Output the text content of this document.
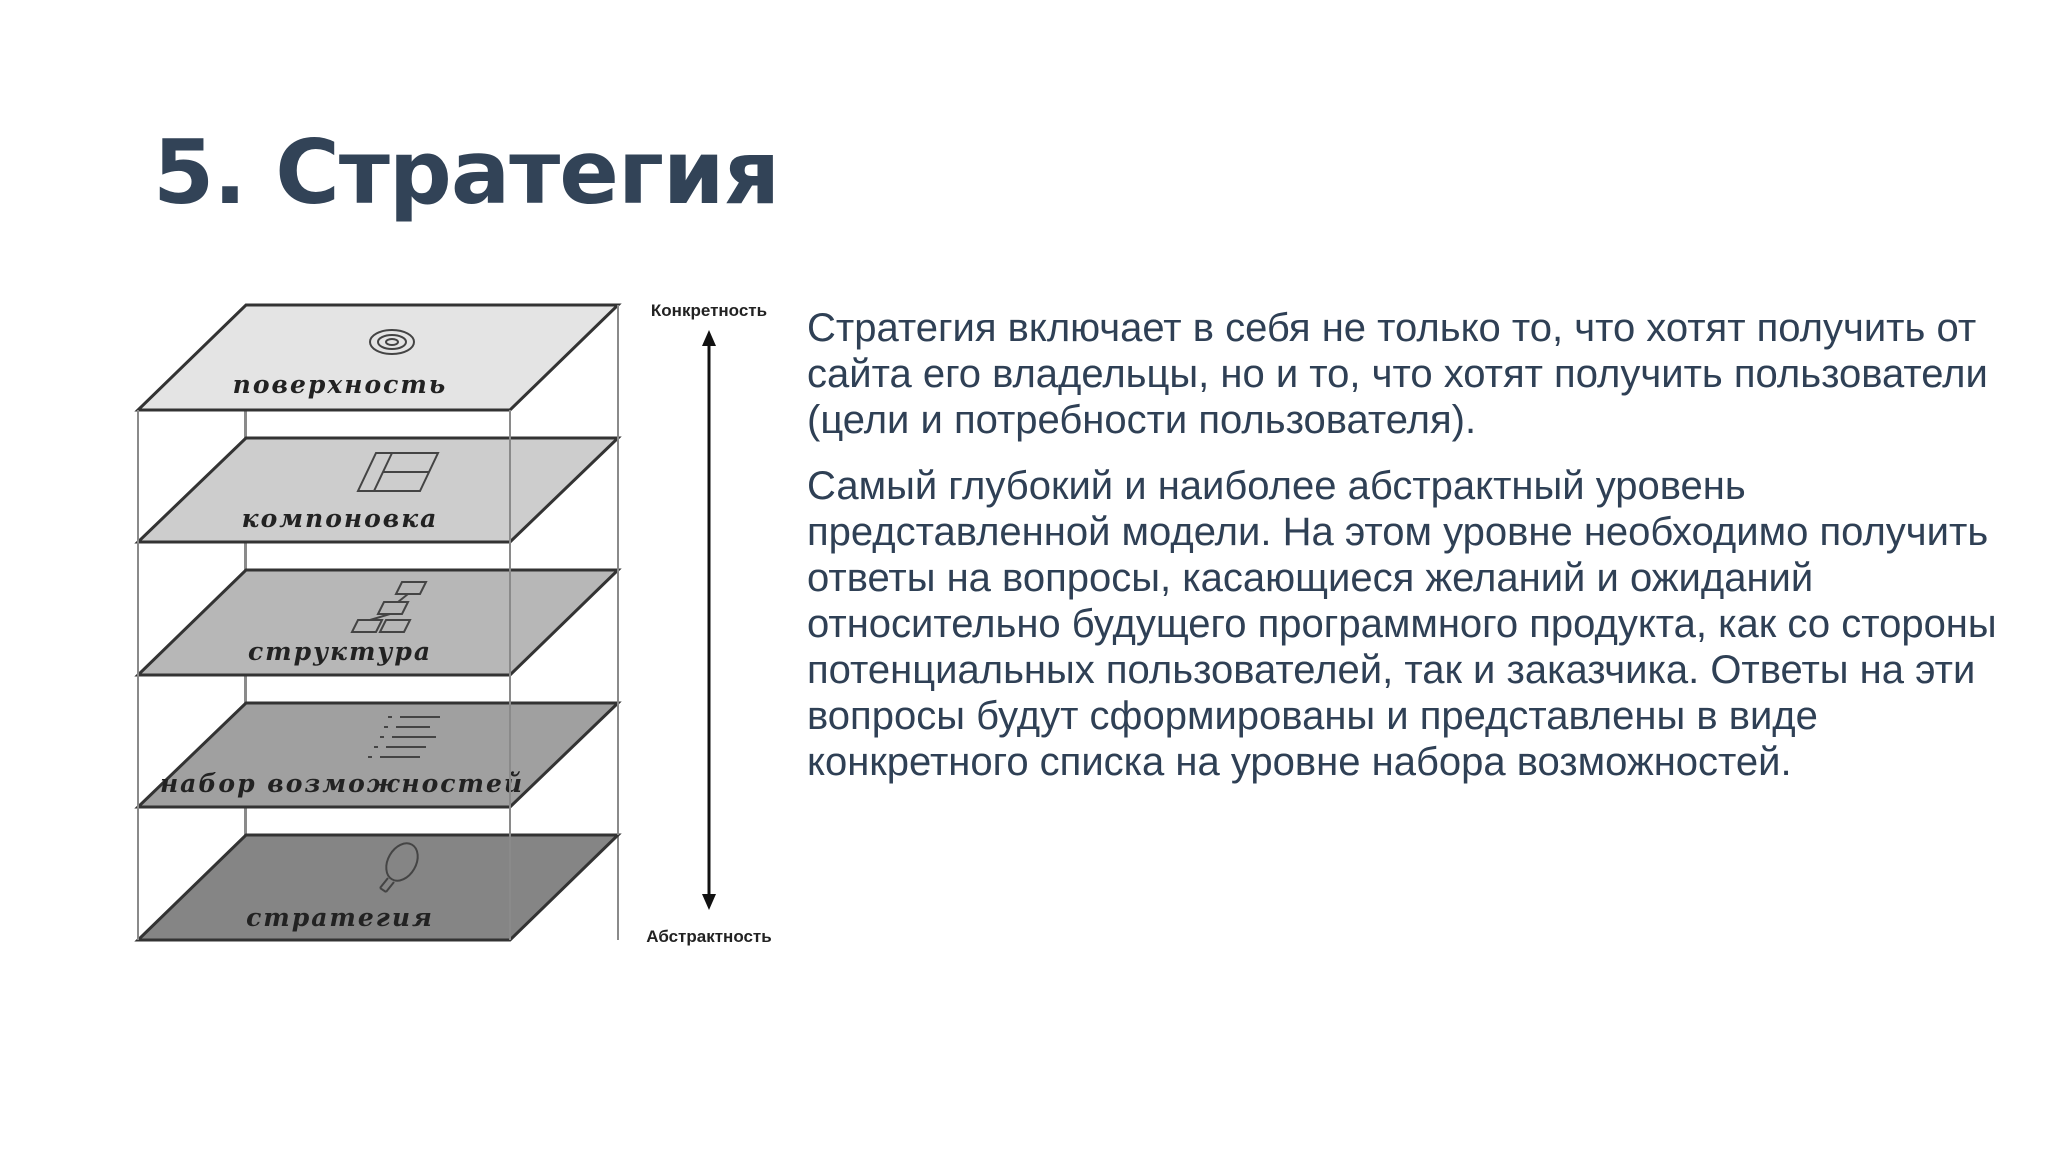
5. Стратегия
поверхность
компоновка
структура
набор возможностей
стратегия
Конкретность
Абстрактность

Стратегия включает в себя не только то, что хотят получить от сайта его владельцы, но и то, что хотят получить пользователи (цели и потребности пользователя).

Самый глубокий и наиболее абстрактный уровень представленной модели. На этом уровне необходимо получить ответы на вопросы, касающиеся желаний и ожиданий относительно будущего программного продукта, как со стороны потенциальных пользователей, так и заказчика. Ответы на эти вопросы будут сформированы и представлены в виде конкретного списка на уровне набора возможностей.
